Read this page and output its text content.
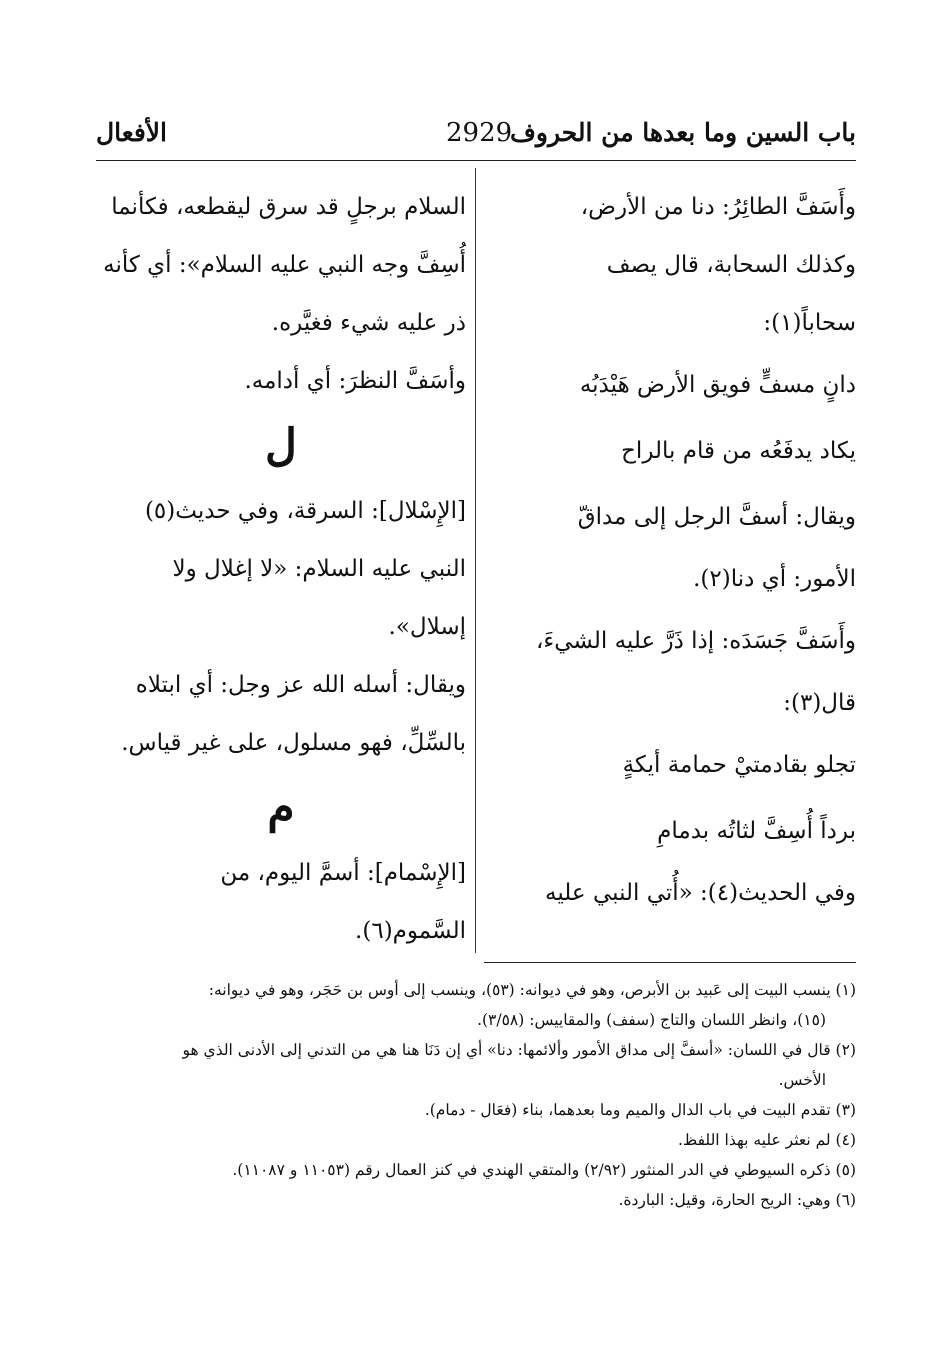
باب السين وما بعدها من الحروف
2929
الأفعال
وأَسَفَّ الطائِرُ: دنا من الأرض،
وكذلك السحابة، قال يصف
سحاباً(١):
دانٍ مسفٍّ فويق الأرض هَيْدَبُه
يكاد يدفَعُه من قام بالراح
ويقال: أسفَّ الرجل إلى مداقّ
الأمور: أي دنا(٢).
وأَسَفَّ جَسَدَه: إذا ذَرَّ عليه الشيءَ،
قال(٣):
تجلو بقادمتيْ حمامة أيكةٍ
برداً أُسِفَّ لثاتُه بدمامِ
وفي الحديث(٤): «أُتي النبي عليه
السلام برجلٍ قد سرق ليقطعه، فكأنما
أُسِفَّ وجه النبي عليه السلام»: أي كأنه
ذر عليه شيء فغيَّره.
وأسَفَّ النظرَ: أي أدامه.
ل
[الإِسْلال]: السرقة، وفي حديث(٥)
النبي عليه السلام: «لا إغلال ولا
إسلال».
ويقال: أسله الله عز وجل: أي ابتلاه
بالسِّلِّ، فهو مسلول، على غير قياس.
م
[الإِسْمام]: أسمَّ اليوم، من
السَّموم(٦).
(١) ينسب البيت إلى عَبيد بن الأبرص، وهو في ديوانه: (٥٣)، وينسب إلى أوس بن حَجَر، وهو في ديوانه:
(١٥)، وانظر اللسان والتاج (سفف) والمقاييس: (٣/٥٨).
(٢) قال في اللسان: «أسفَّ إلى مداق الأمور وألائمها: دنا» أي إن دَنَا هنا هي من التدني إلى الأدنى الذي هو
الأخس.
(٣) تقدم البيت في باب الدال والميم وما بعدهما، بناء (فعَال - دمام).
(٤) لم نعثر عليه بهذا اللفظ.
(٥) ذكره السيوطي في الدر المنثور (٢/٩٢) والمتقي الهندي في كنز العمال رقم (١١٠٥٣ و ١١٠٨٧).
(٦) وهي: الريح الحارة، وقيل: الباردة.
